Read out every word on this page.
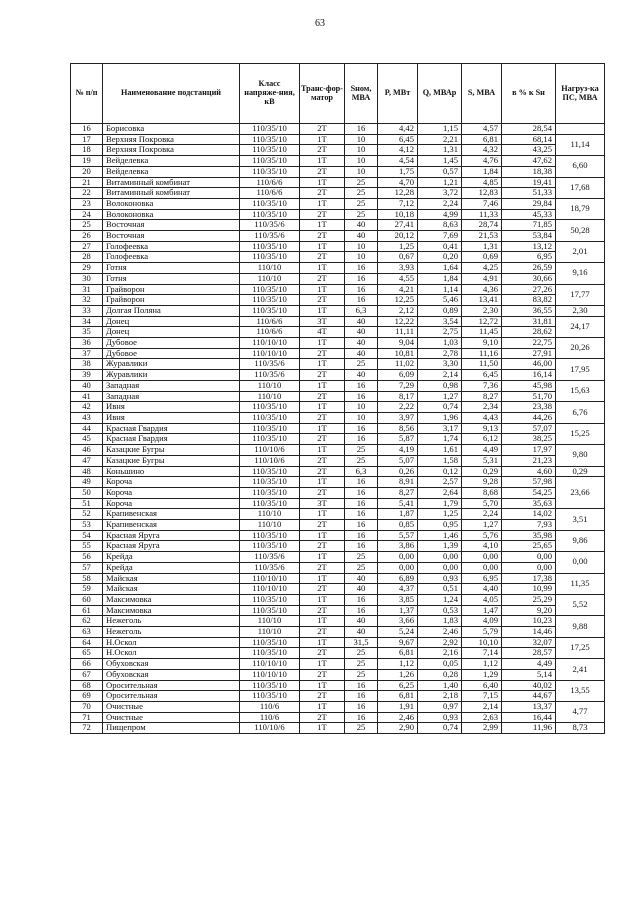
63
№ п/п	Наименование подстанций	Класс напряже-ния, кВ	Транс-фор-матор	Sном, МВА	P, МВт	Q, МВАр	S, МВА	в % к Sн	Нагруз-ка ПС, МВА
16	Борисовка	110/35/10	2Т	16	4,42	1,15	4,57	28,54	
17	Верхняя Покровка	110/35/10	1Т	10	6,45	2,21	6,81	68,14	11,14
18	Верхняя Покровка	110/35/10	2Т	10	4,12	1,31	4,32	43,25	
19	Вейделевка	110/35/10	1Т	10	4,54	1,45	4,76	47,62	6,60
20	Вейделевка	110/35/10	2Т	10	1,75	0,57	1,84	18,38	
21	Витаминный комбинат	110/6/6	1Т	25	4,70	1,21	4,85	19,41	17,68
22	Витаминный комбинат	110/6/6	2Т	25	12,28	3,72	12,83	51,33	
23	Волоконовка	110/35/10	1Т	25	7,12	2,24	7,46	29,84	18,79
24	Волоконовка	110/35/10	2Т	25	10,18	4,99	11,33	45,33	
25	Восточная	110/35/6	1Т	40	27,41	8,63	28,74	71,85	50,28
26	Восточная	110/35/6	2Т	40	20,12	7,69	21,53	53,84	
27	Голофеевка	110/35/10	1Т	10	1,25	0,41	1,31	13,12	2,01
28	Голофеевка	110/35/10	2Т	10	0,67	0,20	0,69	6,95	
29	Готня	110/10	1Т	16	3,93	1,64	4,25	26,59	9,16
30	Готня	110/10	2Т	16	4,55	1,84	4,91	30,66	
31	Грайворон	110/35/10	1Т	16	4,21	1,14	4,36	27,26	17,77
32	Грайворон	110/35/10	2Т	16	12,25	5,46	13,41	83,82	
33	Долгая Поляна	110/35/10	1Т	6,3	2,12	0,89	2,30	36,55	2,30
34	Донец	110/6/6	3Т	40	12,22	3,54	12,72	31,81	24,17
35	Донец	110/6/6	4Т	40	11,11	2,75	11,45	28,62	
36	Дубовое	110/10/10	1Т	40	9,04	1,03	9,10	22,75	20,26
37	Дубовое	110/10/10	2Т	40	10,81	2,78	11,16	27,91	
38	Журавлики	110/35/6	1Т	25	11,02	3,30	11,50	46,00	17,95
39	Журавлики	110/35/6	2Т	40	6,09	2,14	6,45	16,14	
40	Западная	110/10	1Т	16	7,29	0,98	7,36	45,98	15,63
41	Западная	110/10	2Т	16	8,17	1,27	8,27	51,70	
42	Ивня	110/35/10	1Т	10	2,22	0,74	2,34	23,38	6,76
43	Ивня	110/35/10	2Т	10	3,97	1,96	4,43	44,26	
44	Красная Гвардия	110/35/10	1Т	16	8,56	3,17	9,13	57,07	15,25
45	Красная Гвардия	110/35/10	2Т	16	5,87	1,74	6,12	38,25	
46	Казацкие Бугры	110/10/6	1Т	25	4,19	1,61	4,49	17,97	9,80
47	Казацкие Бугры	110/10/6	2Т	25	5,07	1,58	5,31	21,23	
48	Коньшино	110/35/10	2Т	6,3	0,26	0,12	0,29	4,60	0,29
49	Короча	110/35/10	1Т	16	8,91	2,57	9,28	57,98	23,66
50	Короча	110/35/10	2Т	16	8,27	2,64	8,68	54,25	
51	Короча	110/35/10	3Т	16	5,41	1,79	5,70	35,63	
52	Крапивенская	110/10	1Т	16	1,87	1,25	2,24	14,02	3,51
53	Крапивенская	110/10	2Т	16	0,85	0,95	1,27	7,93	
54	Красная Яруга	110/35/10	1Т	16	5,57	1,46	5,76	35,98	9,86
55	Красная Яруга	110/35/10	2Т	16	3,86	1,39	4,10	25,65	
56	Крейда	110/35/6	1Т	25	0,00	0,00	0,00	0,00	0,00
57	Крейда	110/35/6	2Т	25	0,00	0,00	0,00	0,00	
58	Майская	110/10/10	1Т	40	6,89	0,93	6,95	17,38	11,35
59	Майская	110/10/10	2Т	40	4,37	0,51	4,40	10,99	
60	Максимовка	110/35/10	1Т	16	3,85	1,24	4,05	25,29	5,52
61	Максимовка	110/35/10	2Т	16	1,37	0,53	1,47	9,20	
62	Нежеголь	110/10	1Т	40	3,66	1,83	4,09	10,23	9,88
63	Нежеголь	110/10	2Т	40	5,24	2,46	5,79	14,46	
64	Н.Оскол	110/35/10	1Т	31,5	9,67	2,92	10,10	32,07	17,25
65	Н.Оскол	110/35/10	2Т	25	6,81	2,16	7,14	28,57	
66	Обуховская	110/10/10	1Т	25	1,12	0,05	1,12	4,49	2,41
67	Обуховская	110/10/10	2Т	25	1,26	0,28	1,29	5,14	
68	Оросительная	110/35/10	1Т	16	6,25	1,40	6,40	40,02	13,55
69	Оросительная	110/35/10	2Т	16	6,81	2,18	7,15	44,67	
70	Очистные	110/6	1Т	16	1,91	0,97	2,14	13,37	4,77
71	Очистные	110/6	2Т	16	2,46	0,93	2,63	16,44	
72	Пищепром	110/10/6	1Т	25	2,90	0,74	2,99	11,96	8,73
